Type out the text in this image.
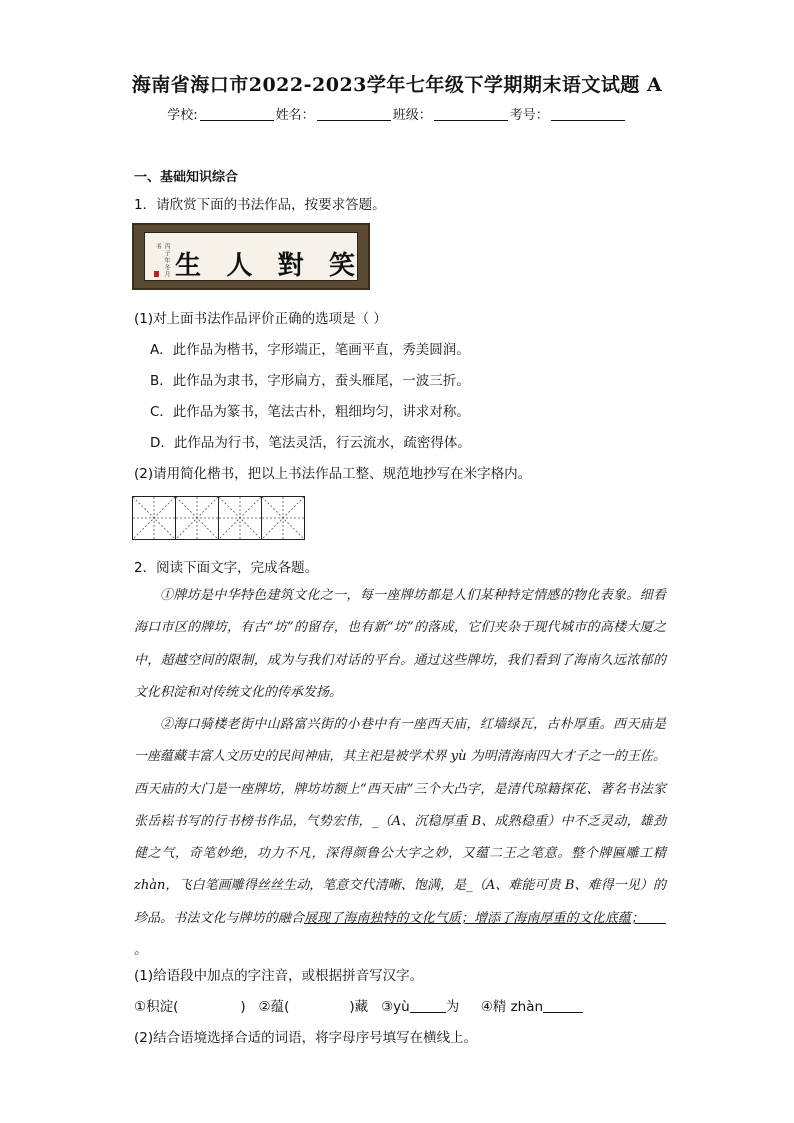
海南省海口市2022-2023学年七年级下学期期末语文试题 A
学校:	姓名：	班级：	考号：
一、基础知识综合
1．请欣赏下面的书法作品，按要求答题。
丙子年冬月书
生 人 對 笑
(1)对上面书法作品评价正确的选项是（ ）
A．此作品为楷书，字形端正，笔画平直，秀美圆润。
B．此作品为隶书，字形扁方，蚕头雁尾，一波三折。
C．此作品为篆书，笔法古朴，粗细均匀，讲求对称。
D．此作品为行书，笔法灵活，行云流水，疏密得体。
(2)请用简化楷书，把以上书法作品工整、规范地抄写在米字格内。
2．阅读下面文字，完成各题。

①牌坊是中华特色建筑文化之一，每一座牌坊都是人们某种特定情感的物化表象。细看海口市区的牌坊，有古“坊”的留存，也有新“坊”的落成，它们夹杂于现代城市的高楼大厦之中，超越空间的限制，成为与我们对话的平台。通过这些牌坊，我们看到了海南久远浓郁的文化积淀和对传统文化的传承发扬。

②海口骑楼老街中山路富兴街的小巷中有一座西天庙，红墙绿瓦，古朴厚重。西天庙是一座蕴藏丰富人文历史的民间神庙，其主祀是被学术界 yù 为明清海南四大才子之一的王佐。西天庙的大门是一座牌坊，牌坊坊额上“西天庙”三个大凸字，是清代琼籍探花、著名书法家张岳崧书写的行书榜书作品，气势宏伟，_（A、沉稳厚重 B、成熟稳重）中不乏灵动，雄劲健之气，奇笔妙绝，功力不凡，深得颜鲁公大字之妙，又蕴二王之笔意。整个牌匾雕工精 zhàn，飞白笔画雕得丝丝生动，笔意交代清晰、饱满，是_（A、难能可贵 B、难得一见）的珍品。书法文化与牌坊的融合展现了海南独特的文化气质；增添了海南厚重的文化底蕴；。

(1)给语段中加点的字注音，或根据拼音写汉字。
①积淀(	) ②蕴(	)藏 ③yù	为 ④精 zhàn
(2)结合语境选择合适的词语，将字母序号填写在横线上。
